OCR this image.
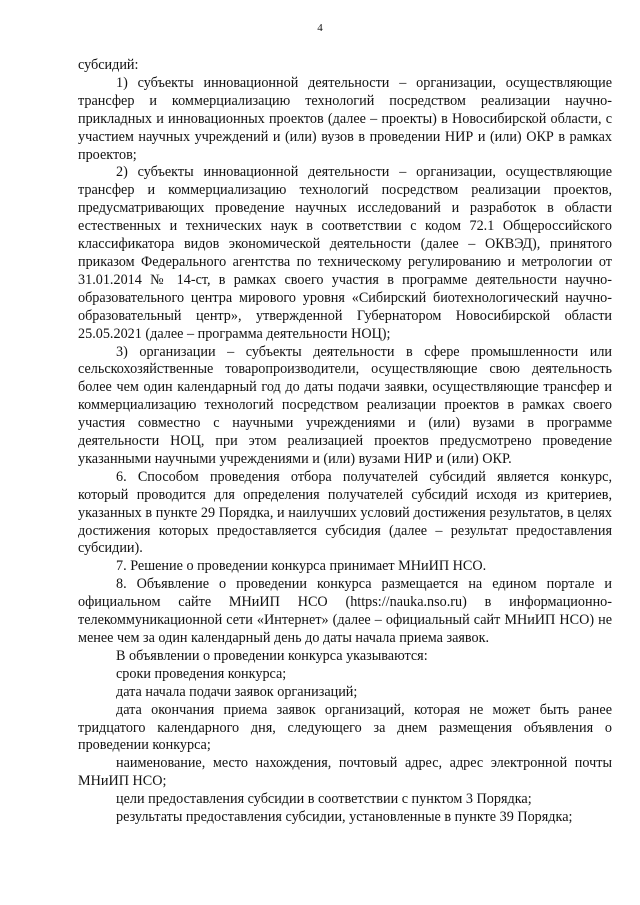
4

субсидий:

1) субъекты инновационной деятельности – организации, осуществляющие трансфер и коммерциализацию технологий посредством реализации научно-прикладных и инновационных проектов (далее – проекты) в Новосибирской области, с участием научных учреждений и (или) вузов в проведении НИР и (или) ОКР в рамках проектов;

2) субъекты инновационной деятельности – организации, осуществляющие трансфер и коммерциализацию технологий посредством реализации проектов, предусматривающих проведение научных исследований и разработок в области естественных и технических наук в соответствии с кодом 72.1 Общероссийского классификатора видов экономической деятельности (далее – ОКВЭД), принятого приказом Федерального агентства по техническому регулированию и метрологии от 31.01.2014 № 14-ст, в рамках своего участия в программе деятельности научно-образовательного центра мирового уровня «Сибирский биотехнологический научно-образовательный центр», утвержденной Губернатором Новосибирской области 25.05.2021 (далее – программа деятельности НОЦ);

3) организации – субъекты деятельности в сфере промышленности или сельскохозяйственные товаропроизводители, осуществляющие свою деятельность более чем один календарный год до даты подачи заявки, осуществляющие трансфер и коммерциализацию технологий посредством реализации проектов в рамках своего участия совместно с научными учреждениями и (или) вузами в программе деятельности НОЦ, при этом реализацией проектов предусмотрено проведение указанными научными учреждениями и (или) вузами НИР и (или) ОКР.

6. Способом проведения отбора получателей субсидий является конкурс, который проводится для определения получателей субсидий исходя из критериев, указанных в пункте 29 Порядка, и наилучших условий достижения результатов, в целях достижения которых предоставляется субсидия (далее – результат предоставления субсидии).

7. Решение о проведении конкурса принимает МНиИП НСО.

8. Объявление о проведении конкурса размещается на едином портале и официальном сайте МНиИП НСО (https://nauka.nso.ru) в информационно-телекоммуникационной сети «Интернет» (далее – официальный сайт МНиИП НСО) не менее чем за один календарный день до даты начала приема заявок.

В объявлении о проведении конкурса указываются:

сроки проведения конкурса;

дата начала подачи заявок организаций;

дата окончания приема заявок организаций, которая не может быть ранее тридцатого календарного дня, следующего за днем размещения объявления о проведении конкурса;

наименование, место нахождения, почтовый адрес, адрес электронной почты МНиИП НСО;

цели предоставления субсидии в соответствии с пунктом 3 Порядка;

результаты предоставления субсидии, установленные в пункте 39 Порядка;
